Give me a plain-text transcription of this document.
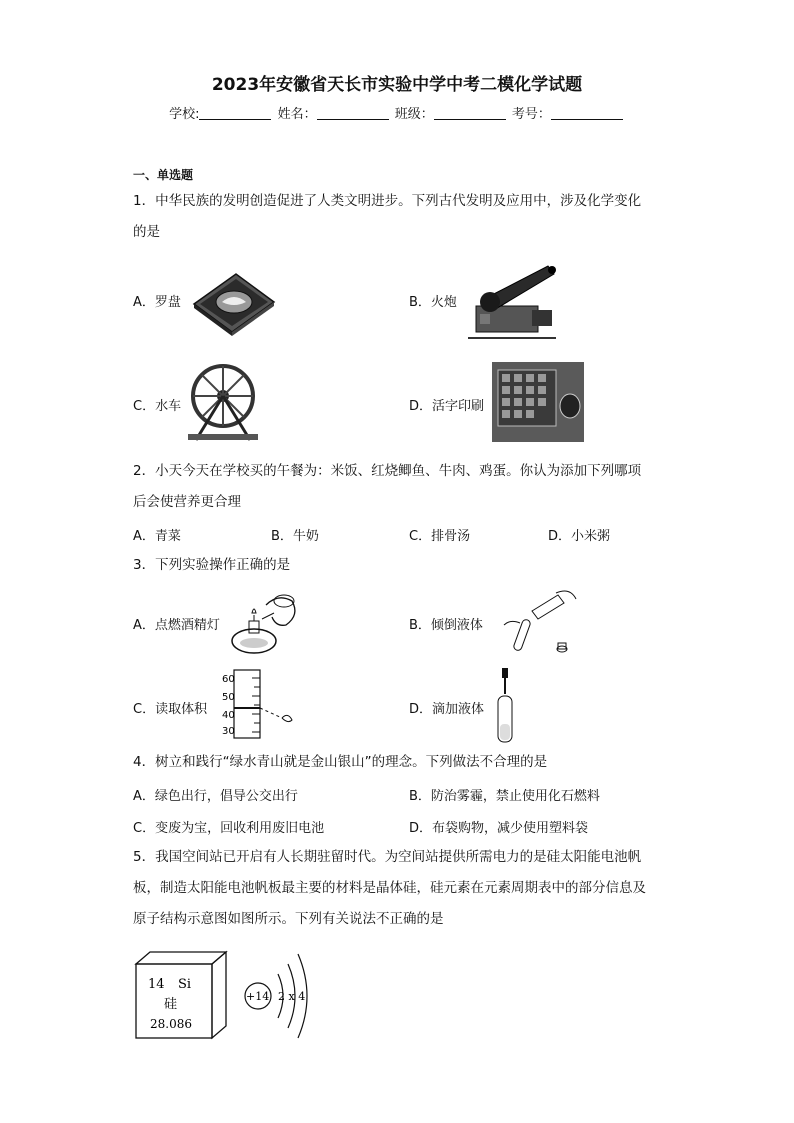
2023年安徽省天长市实验中学中考二模化学试题
学校:	姓名：	班级：	考号：
一、单选题
1．中华民族的发明创造促进了人类文明进步。下列古代发明及应用中，涉及化学变化
的是
A．罗盘	B．火炮
C．水车	D．活字印刷
2．小天今天在学校买的午餐为：米饭、红烧鲫鱼、牛肉、鸡蛋。你认为添加下列哪项
后会使营养更合理
A．青菜	B．牛奶	C．排骨汤	D．小米粥
3．下列实验操作正确的是
A．点燃酒精灯	B．倾倒液体
C．读取体积
60
50
40
30
D．滴加液体
4．树立和践行“绿水青山就是金山银山”的理念。下列做法不合理的是
A．绿色出行，倡导公交出行	B．防治雾霾，禁止使用化石燃料
C．变废为宝，回收利用废旧电池	D．布袋购物，减少使用塑料袋
5．我国空间站已开启有人长期驻留时代。为空间站提供所需电力的是硅太阳能电池帆
板，制造太阳能电池帆板最主要的材料是晶体硅，硅元素在元素周期表中的部分信息及
原子结构示意图如图所示。下列有关说法不正确的是
14 Si
硅
28.086
+14 2 x 4
